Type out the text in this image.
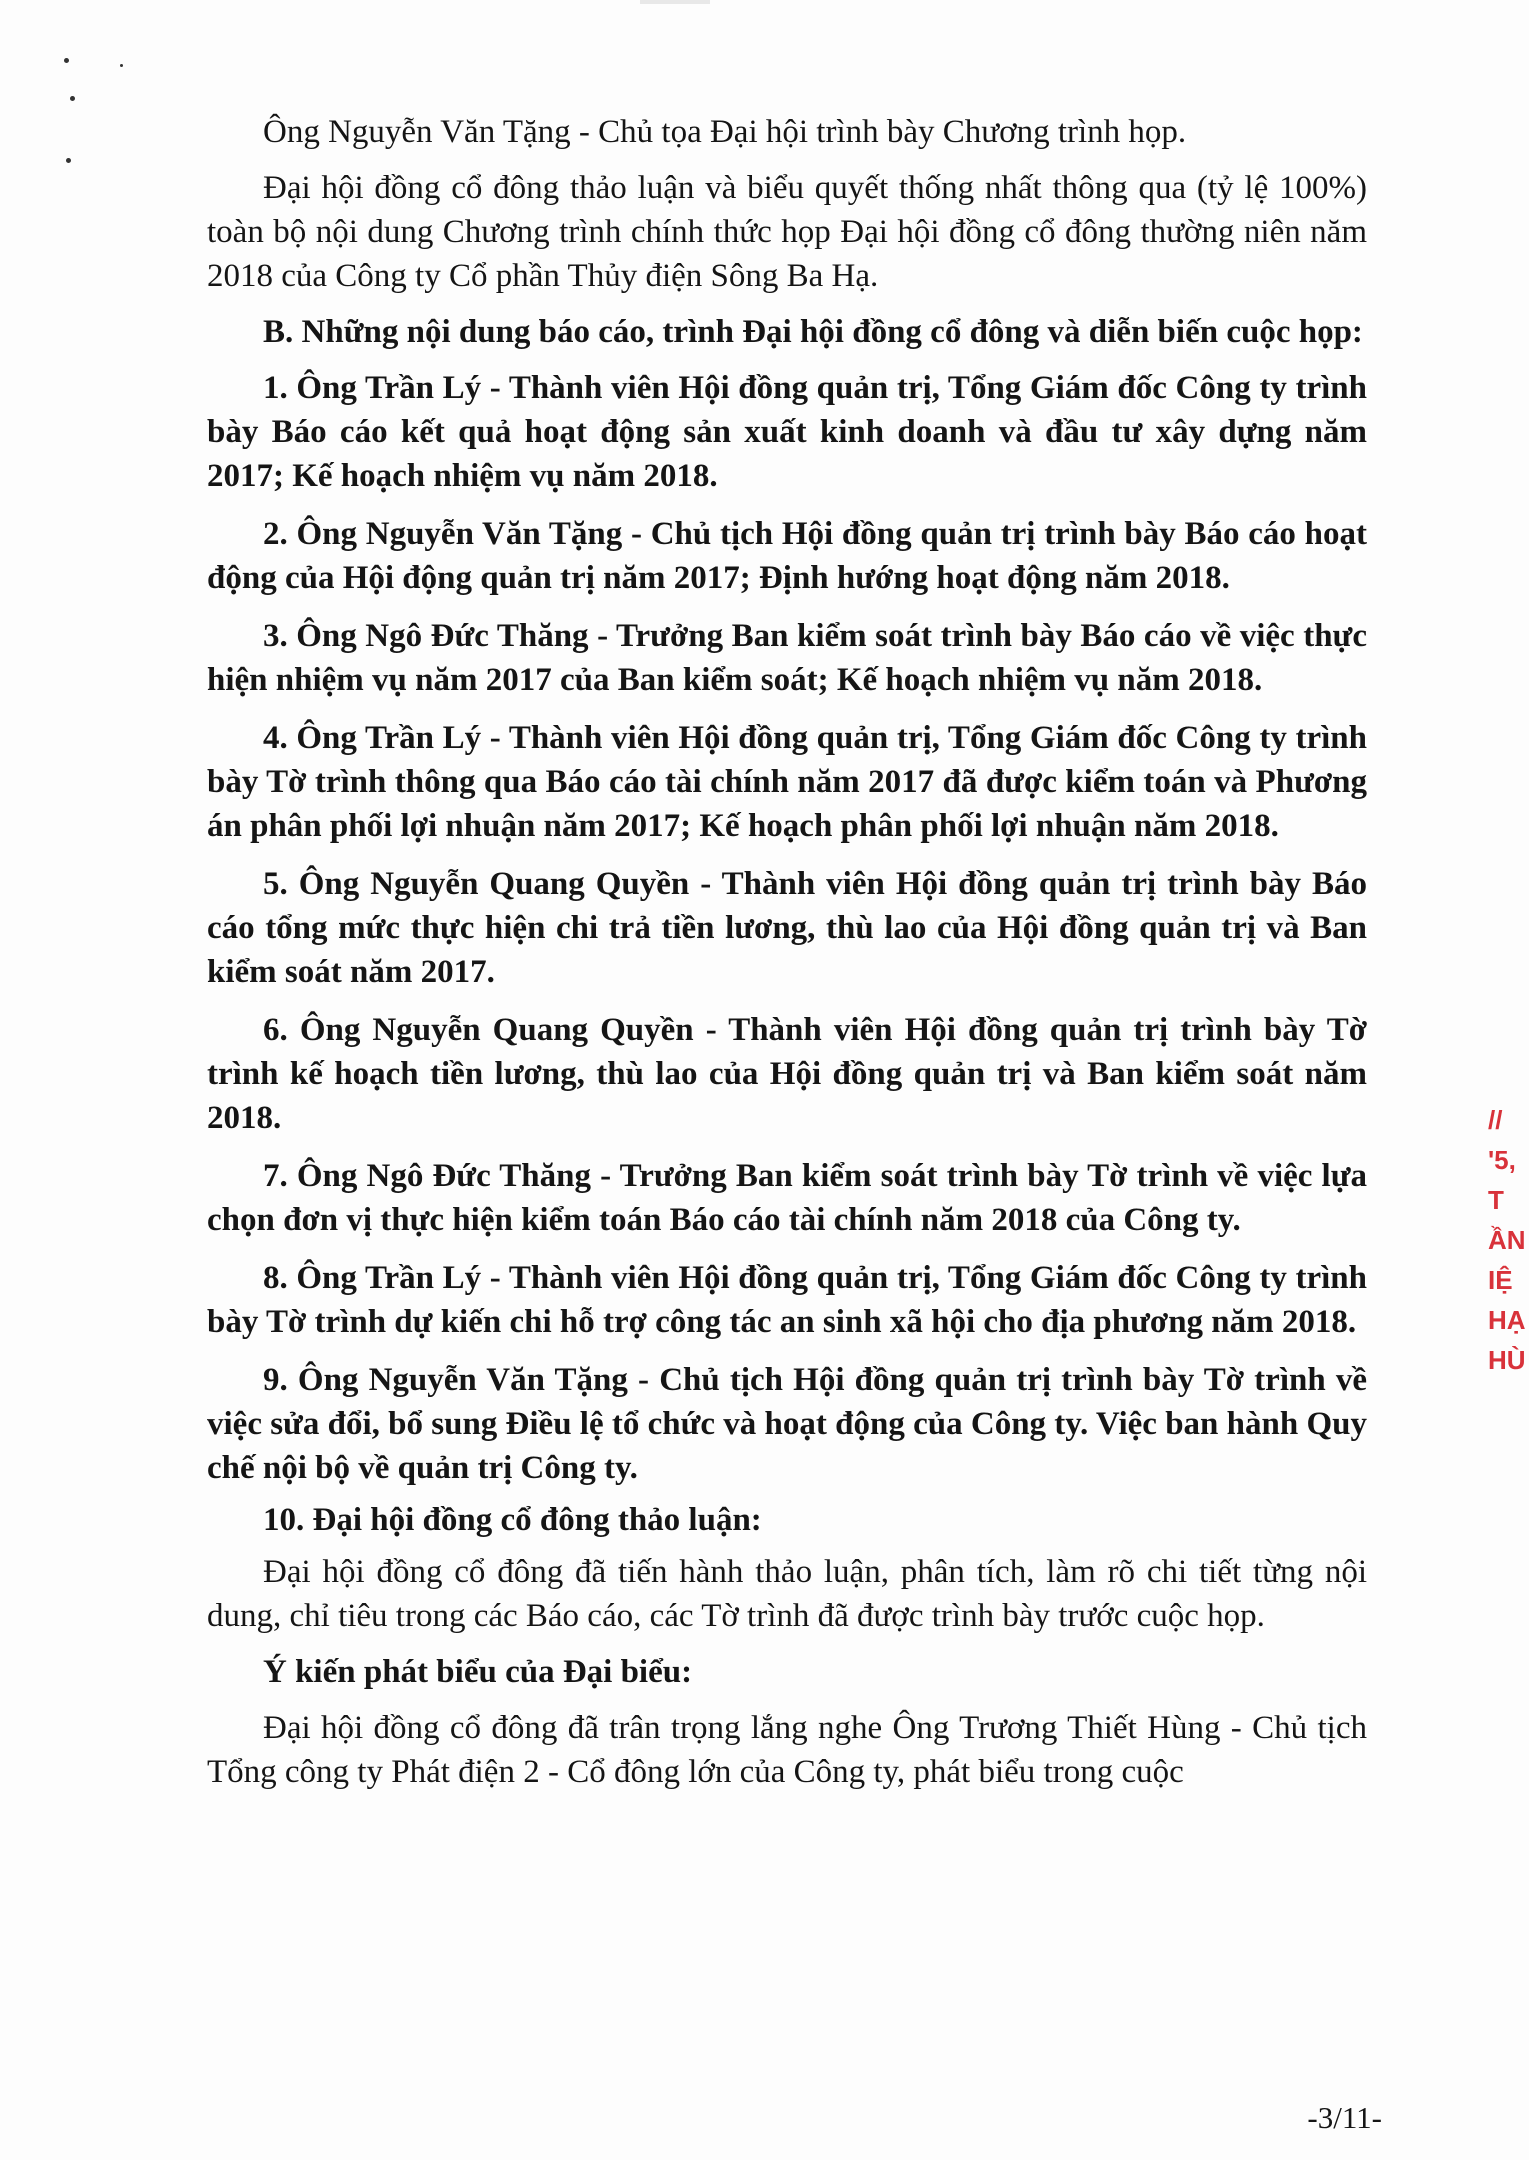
Ông Nguyễn Văn Tặng - Chủ tọa Đại hội trình bày Chương trình họp.

Đại hội đồng cổ đông thảo luận và biểu quyết thống nhất thông qua (tỷ lệ 100%) toàn bộ nội dung Chương trình chính thức họp Đại hội đồng cổ đông thường niên năm 2018 của Công ty Cổ phần Thủy điện Sông Ba Hạ.

B. Những nội dung báo cáo, trình Đại hội đồng cổ đông và diễn biến cuộc họp:

1. Ông Trần Lý - Thành viên Hội đồng quản trị, Tổng Giám đốc Công ty trình bày Báo cáo kết quả hoạt động sản xuất kinh doanh và đầu tư xây dựng năm 2017; Kế hoạch nhiệm vụ năm 2018.

2. Ông Nguyễn Văn Tặng - Chủ tịch Hội đồng quản trị trình bày Báo cáo hoạt động của Hội động quản trị năm 2017; Định hướng hoạt động năm 2018.

3. Ông Ngô Đức Thăng - Trưởng Ban kiểm soát trình bày Báo cáo về việc thực hiện nhiệm vụ năm 2017 của Ban kiểm soát; Kế hoạch nhiệm vụ năm 2018.

4. Ông Trần Lý - Thành viên Hội đồng quản trị, Tổng Giám đốc Công ty trình bày Tờ trình thông qua Báo cáo tài chính năm 2017 đã được kiểm toán và Phương án phân phối lợi nhuận năm 2017; Kế hoạch phân phối lợi nhuận năm 2018.

5. Ông Nguyễn Quang Quyền - Thành viên Hội đồng quản trị trình bày Báo cáo tổng mức thực hiện chi trả tiền lương, thù lao của Hội đồng quản trị và Ban kiểm soát năm 2017.

6. Ông Nguyễn Quang Quyền - Thành viên Hội đồng quản trị trình bày Tờ trình kế hoạch tiền lương, thù lao của Hội đồng quản trị và Ban kiểm soát năm 2018.

7. Ông Ngô Đức Thăng - Trưởng Ban kiểm soát trình bày Tờ trình về việc lựa chọn đơn vị thực hiện kiểm toán Báo cáo tài chính năm 2018 của Công ty.

8. Ông Trần Lý - Thành viên Hội đồng quản trị, Tổng Giám đốc Công ty trình bày Tờ trình dự kiến chi hỗ trợ công tác an sinh xã hội cho địa phương năm 2018.

9. Ông Nguyễn Văn Tặng - Chủ tịch Hội đồng quản trị trình bày Tờ trình về việc sửa đổi, bổ sung Điều lệ tổ chức và hoạt động của Công ty. Việc ban hành Quy chế nội bộ về quản trị Công ty.

10. Đại hội đồng cổ đông thảo luận:

Đại hội đồng cổ đông đã tiến hành thảo luận, phân tích, làm rõ chi tiết từng nội dung, chỉ tiêu trong các Báo cáo, các Tờ trình đã được trình bày trước cuộc họp.

Ý kiến phát biểu của Đại biểu:

Đại hội đồng cổ đông đã trân trọng lắng nghe Ông Trương Thiết Hùng - Chủ tịch Tổng công ty Phát điện 2 - Cổ đông lớn của Công ty, phát biểu trong cuộc

-3/11-
//
'5,
T
ẦN
IỆ
HẠ
HÙ
